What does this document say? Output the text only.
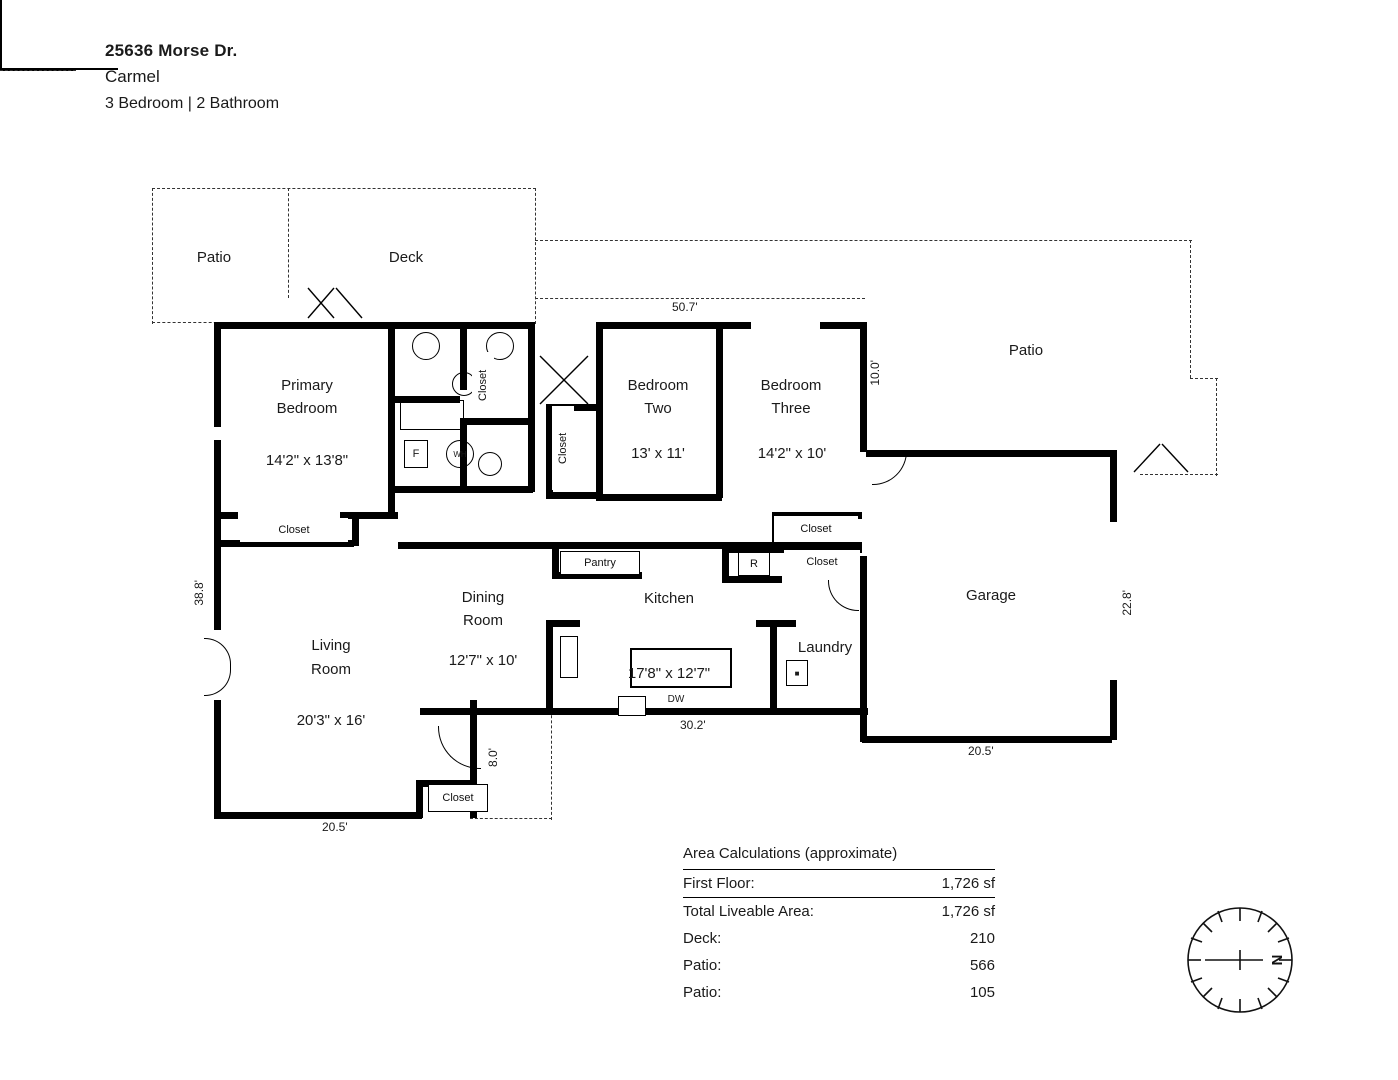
25636 Morse Dr.
Carmel
3 Bedroom | 2 Bathroom
F	WH
■
DW
Patio	Deck
Primary
Bedroom
14'2" x 13'8"
Bedroom
Two
13' x 11'
Bedroom
Three
14'2" x 10'
Patio
Garage
Living
Room
20'3" x 16'
Dining
Room
12'7" x 10'
Kitchen
17'8" x 12'7"
Laundry
Pantry
Closet
Closet
Closet
Closet
Closet
R
Closet
50.7'
10.0'
38.8'	22.8'
30.2'
20.5'
20.5'
8.0'
Area Calculations (approximate)
First Floor:	1,726 sf
Total Liveable Area:	1,726 sf
Deck:	210
Patio:	566
Patio:	105
N
